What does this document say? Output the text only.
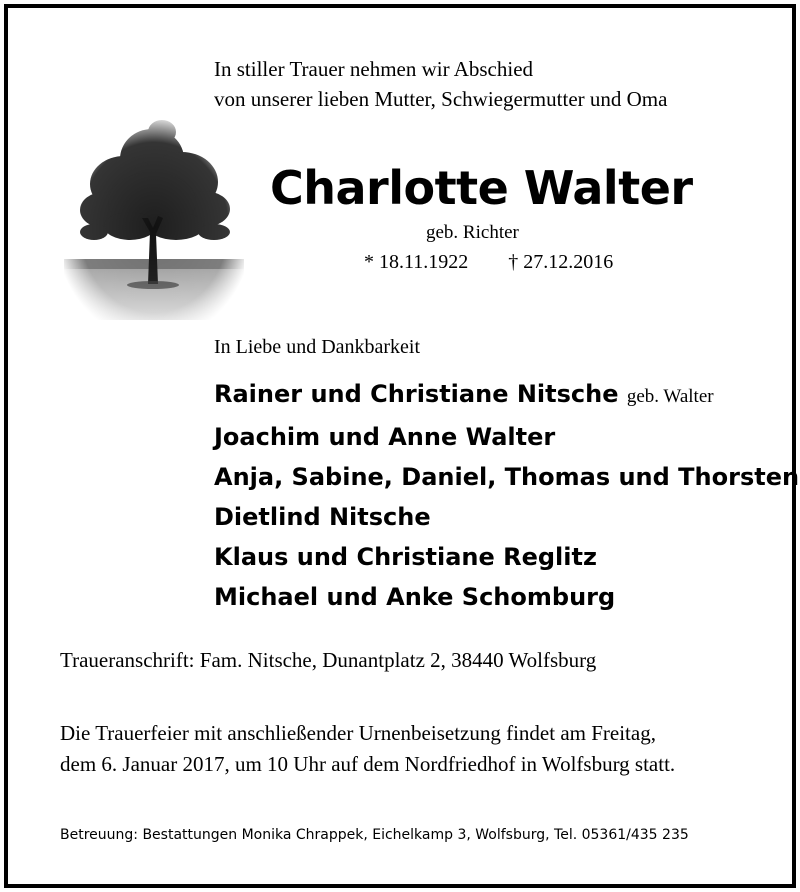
In stiller Trauer nehmen wir Abschied
von unserer lieben Mutter, Schwiegermutter und Oma
Charlotte Walter
geb. Richter
* 18.11.1922 † 27.12.2016
In Liebe und Dankbarkeit
Rainer und Christiane Nitsche geb. Walter
Joachim und Anne Walter
Anja, Sabine, Daniel, Thomas und Thorsten
Dietlind Nitsche
Klaus und Christiane Reglitz
Michael und Anke Schomburg
Traueranschrift: Fam. Nitsche, Dunantplatz 2, 38440 Wolfsburg
Die Trauerfeier mit anschließender Urnenbeisetzung findet am Freitag,
dem 6. Januar 2017, um 10 Uhr auf dem Nordfriedhof in Wolfsburg statt.
Betreuung: Bestattungen Monika Chrappek, Eichelkamp 3, Wolfsburg, Tel. 05361/435 235
